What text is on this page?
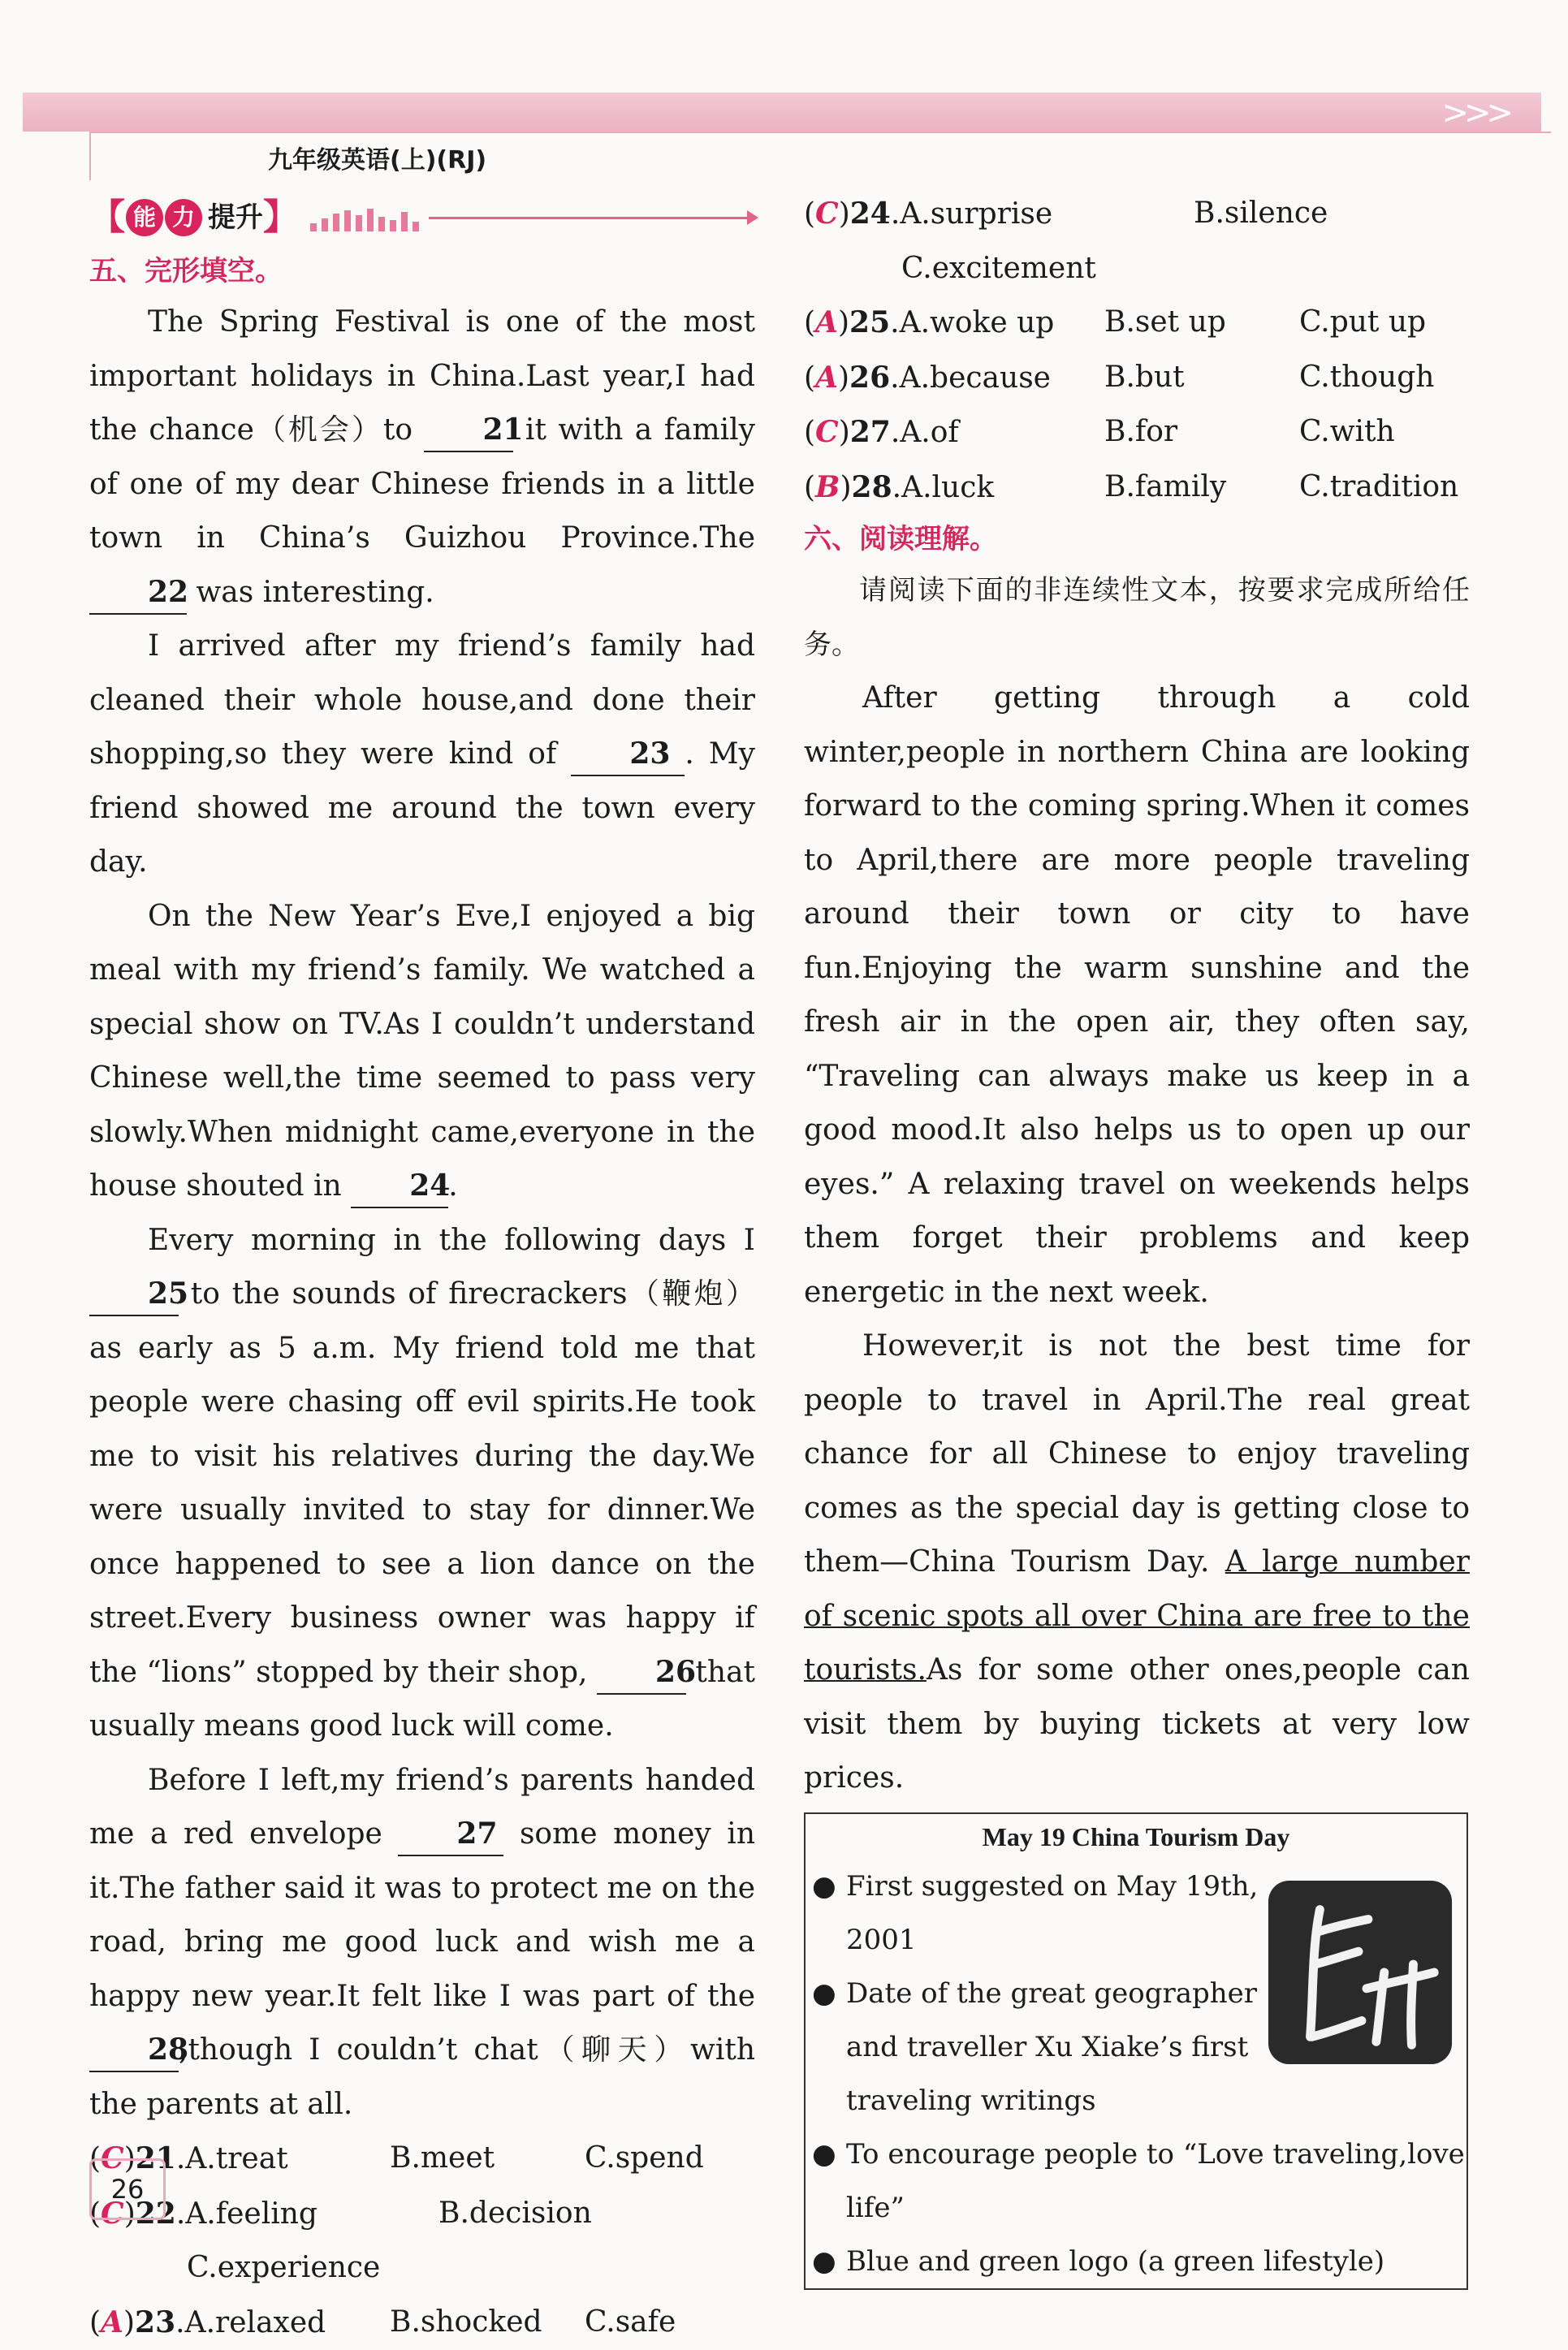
>>>
九年级英语(上)(RJ)
【 能 力 提升 】
五、完形填空。

The Spring Festival is one of the most important holidays in China.Last year,I had the chance（机会）to 21 it with a family of one of my dear Chinese friends in a little town in China’s Guizhou Province.The 22 was interesting.

I arrived after my friend’s family had cleaned their whole house,and done their shopping,so they were kind of 23 . My friend showed me around the town every day.

On the New Year’s Eve,I enjoyed a big meal with my friend’s family. We watched a special show on TV.As I couldn’t understand Chinese well,the time seemed to pass very slowly.When midnight came,everyone in the house shouted in 24.

Every morning in the following days I 25 to the sounds of firecrackers（鞭炮）as early as 5 a.m. My friend told me that people were chasing off evil spirits.He took me to visit his relatives during the day.We were usually invited to stay for dinner.We once happened to see a lion dance on the street.Every business owner was happy if the “lions” stopped by their shop, 26 that usually means good luck will come.

Before I left,my friend’s parents handed me a red envelope 27 some money in it.The father said it was to protect me on the road, bring me good luck and wish me a happy new year.It felt like I was part of the 28,though I couldn’t chat（聊天）with the parents at all.

(C)21.A.treat	B.meet	C.spend
(C)22.A.feeling	B.decision
C.experience
(A)23.A.relaxed	B.shocked	C.safe
(C)24.A.surprise	B.silence
C.excitement
(A)25.A.woke up	B.set up	C.put up
(A)26.A.because	B.but	C.though
(C)27.A.of	B.for	C.with
(B)28.A.luck	B.family	C.tradition
六、阅读理解。

请阅读下面的非连续性文本，按要求完成所给任务。

After getting through a cold winter,people in northern China are looking forward to the coming spring.When it comes to April,there are more people traveling around their town or city to have fun.Enjoying the warm sunshine and the fresh air in the open air, they often say, “Traveling can always make us keep in a good mood.It also helps us to open up our eyes.” A relaxing travel on weekends helps them forget their problems and keep energetic in the next week.

However,it is not the best time for people to travel in April.The real great chance for all Chinese to enjoy traveling comes as the special day is getting close to them—China Tourism Day. A large number of scenic spots all over China are free to the tourists.As for some other ones,people can visit them by buying tickets at very low prices.

May 19 China Tourism Day
● First suggested on May 19th, 2001
● Date of the great geographer and traveller Xu Xiake’s first traveling writings
● To encourage people to “Love traveling,love life”
● Blue and green logo (a green lifestyle)
26
